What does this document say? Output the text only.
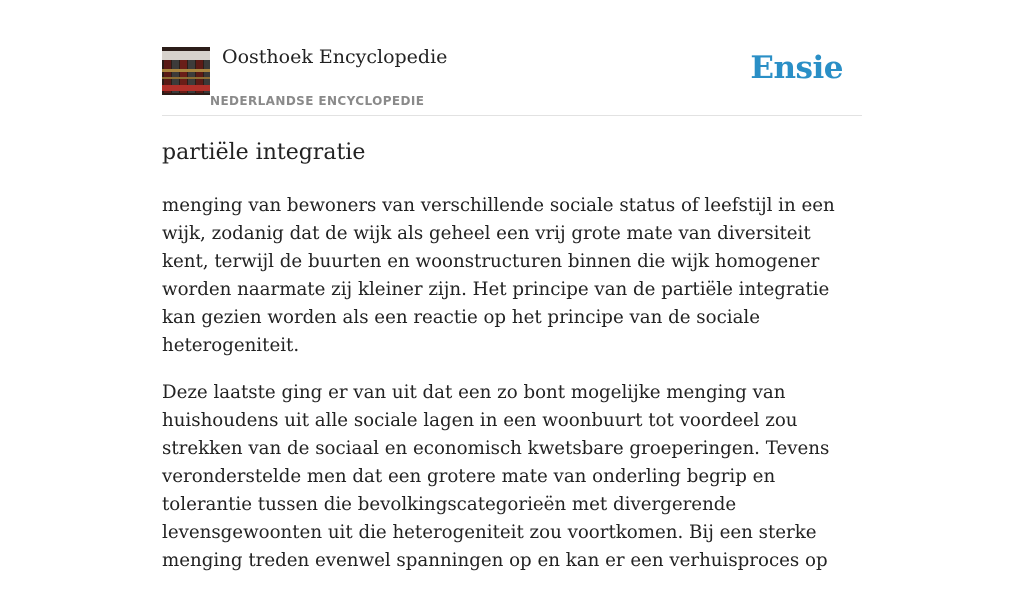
Oosthoek Encyclopedie
NEDERLANDSE ENCYCLOPEDIE
Ensie
partiële integratie

menging van bewoners van verschillende sociale status of leefstijl in een wijk, zodanig dat de wijk als geheel een vrij grote mate van diversiteit kent, terwijl de buurten en woonstructuren binnen die wijk homogener worden naarmate zij kleiner zijn. Het principe van de partiële integratie kan gezien worden als een reactie op het principe van de sociale heterogeniteit.

Deze laatste ging er van uit dat een zo bont mogelijke menging van huishoudens uit alle sociale lagen in een woonbuurt tot voordeel zou strekken van de sociaal en economisch kwetsbare groeperingen. Tevens veronderstelde men dat een grotere mate van onderling begrip en tolerantie tussen die bevolkingscategorieën met divergerende levensgewoonten uit die heterogeniteit zou voortkomen. Bij een sterke menging treden evenwel spanningen op en kan er een verhuisproces op
